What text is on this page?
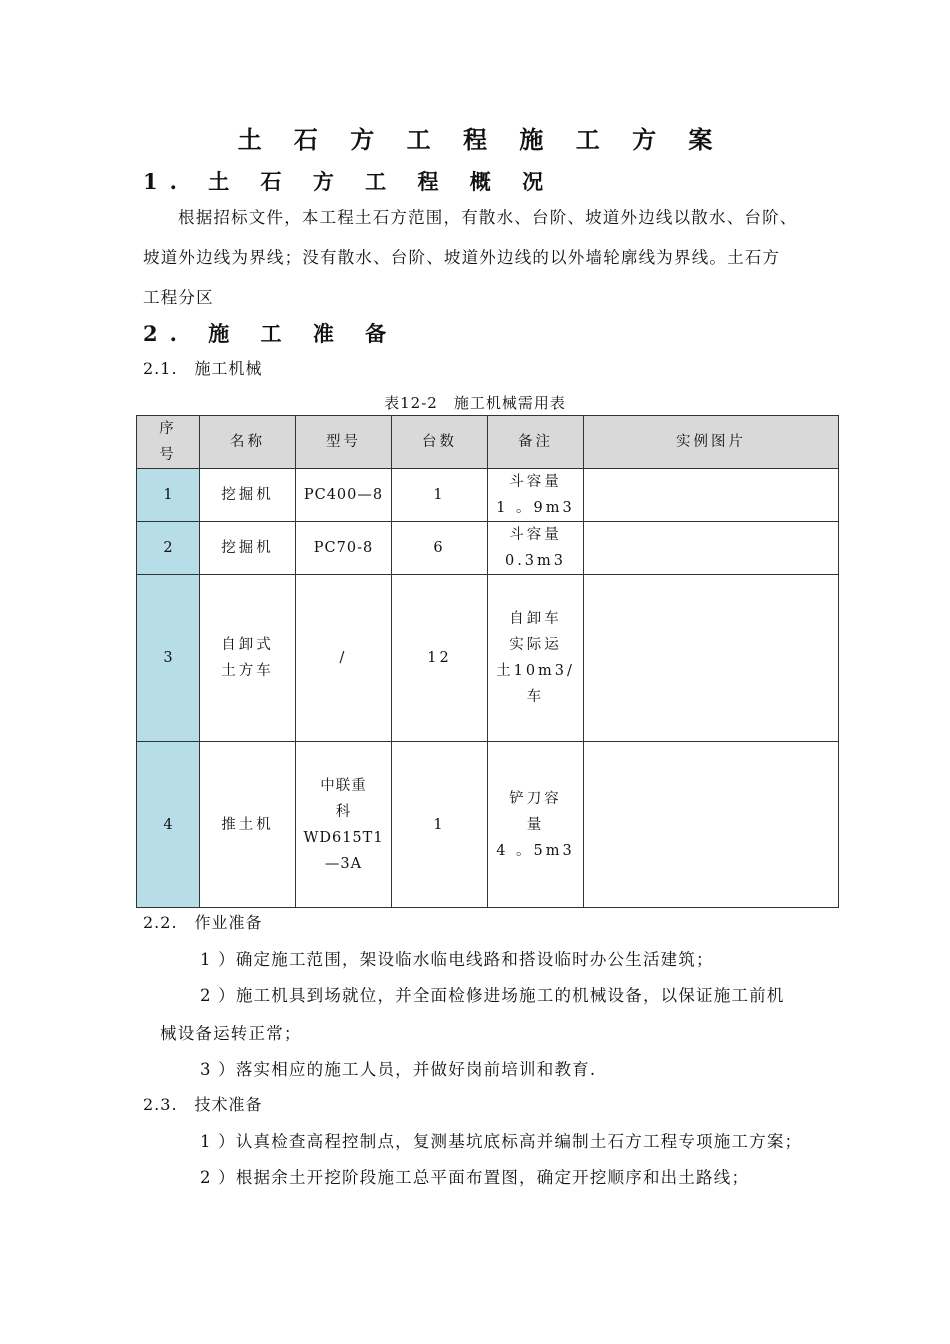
土 石 方 工 程 施 工 方 案
1. 土 石 方 工 程 概 况
根据招标文件，本工程土石方范围，有散水、台阶、坡道外边线以散水、台阶、
坡道外边线为界线；没有散水、台阶、坡道外边线的以外墙轮廓线为界线。土石方
工程分区
2. 施 工 准 备
2.1.　施工机械
表12-2　施工机械需用表
序
号	名称	型号	台数	备注	实例图片
1	挖掘机	PC400—8	1	斗容量
1 。9m3	

2	挖掘机	PC70-8	6	斗容量
0.3m3	

3	自卸式
土方车	/	12	自卸车
实际运
土10m3/
车	

4	推土机	中联重
科
WD615T1
—3A	1	铲刀容
量
4 。5m3	

2.2.　作业准备
1 ）确定施工范围，架设临水临电线路和搭设临时办公生活建筑；
2 ）施工机具到场就位，并全面检修进场施工的机械设备，以保证施工前机
械设备运转正常；
3 ）落实相应的施工人员，并做好岗前培训和教育.
2.3.　技术准备
1 ）认真检查高程控制点，复测基坑底标高并编制土石方工程专项施工方案；
2 ）根据余土开挖阶段施工总平面布置图，确定开挖顺序和出土路线；
